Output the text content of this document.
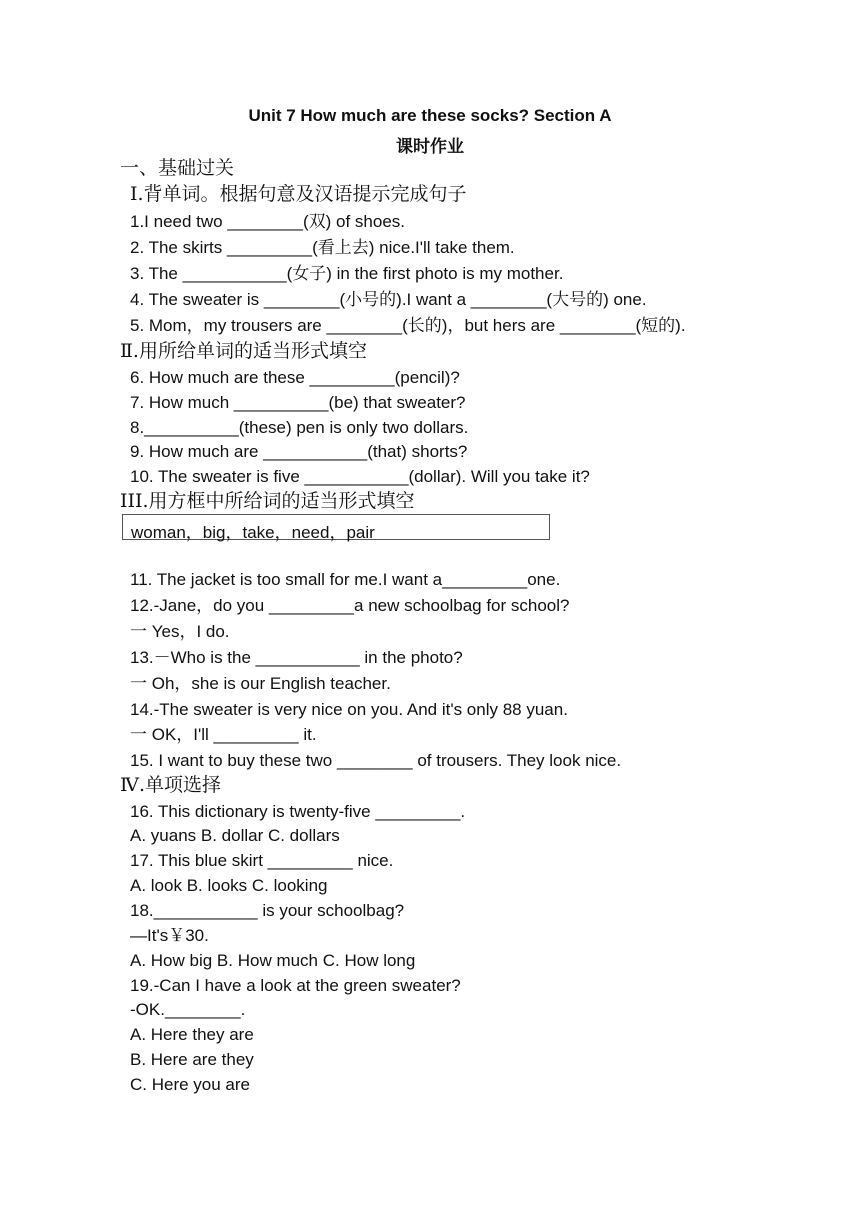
Unit 7 How much are these socks? Section A
课时作业
一、基础过关
Ⅰ.背单词。根据句意及汉语提示完成句子
1.I need two ________(双) of shoes.
2. The skirts _________(看上去) nice.I'll take them.
3. The ___________(女子) in the first photo is my mother.
4. The sweater is ________(小号的).I want a ________(大号的) one.
5. Mom，my trousers are ________(长的)，but hers are ________(短的).
Ⅱ.用所给单词的适当形式填空
6. How much are these _________(pencil)?
7. How much __________(be) that sweater?
8.__________(these) pen is only two dollars.
9. How much are ___________(that) shorts?
10. The sweater is five ___________(dollar). Will you take it?
III.用方框中所给词的适当形式填空
woman，big，take，need，pair
11. The jacket is too small for me.I want a_________one.
12.-Jane，do you _________a new schoolbag for school?
一 Yes，I do.
13.－Who is the ___________ in the photo?
一 Oh，she is our English teacher.
14.-The sweater is very nice on you. And it's only 88 yuan.
一 OK，I'll _________ it.
15. I want to buy these two ________ of trousers. They look nice.
Ⅳ.单项选择
16. This dictionary is twenty-five _________.
A. yuans B. dollar C. dollars
17. This blue skirt _________ nice.
A. look B. looks C. looking
18.___________ is your schoolbag?
—It's￥30.
A. How big B. How much C. How long
19.-Can I have a look at the green sweater?
-OK.________.
A. Here they are
B. Here are they
C. Here you are
